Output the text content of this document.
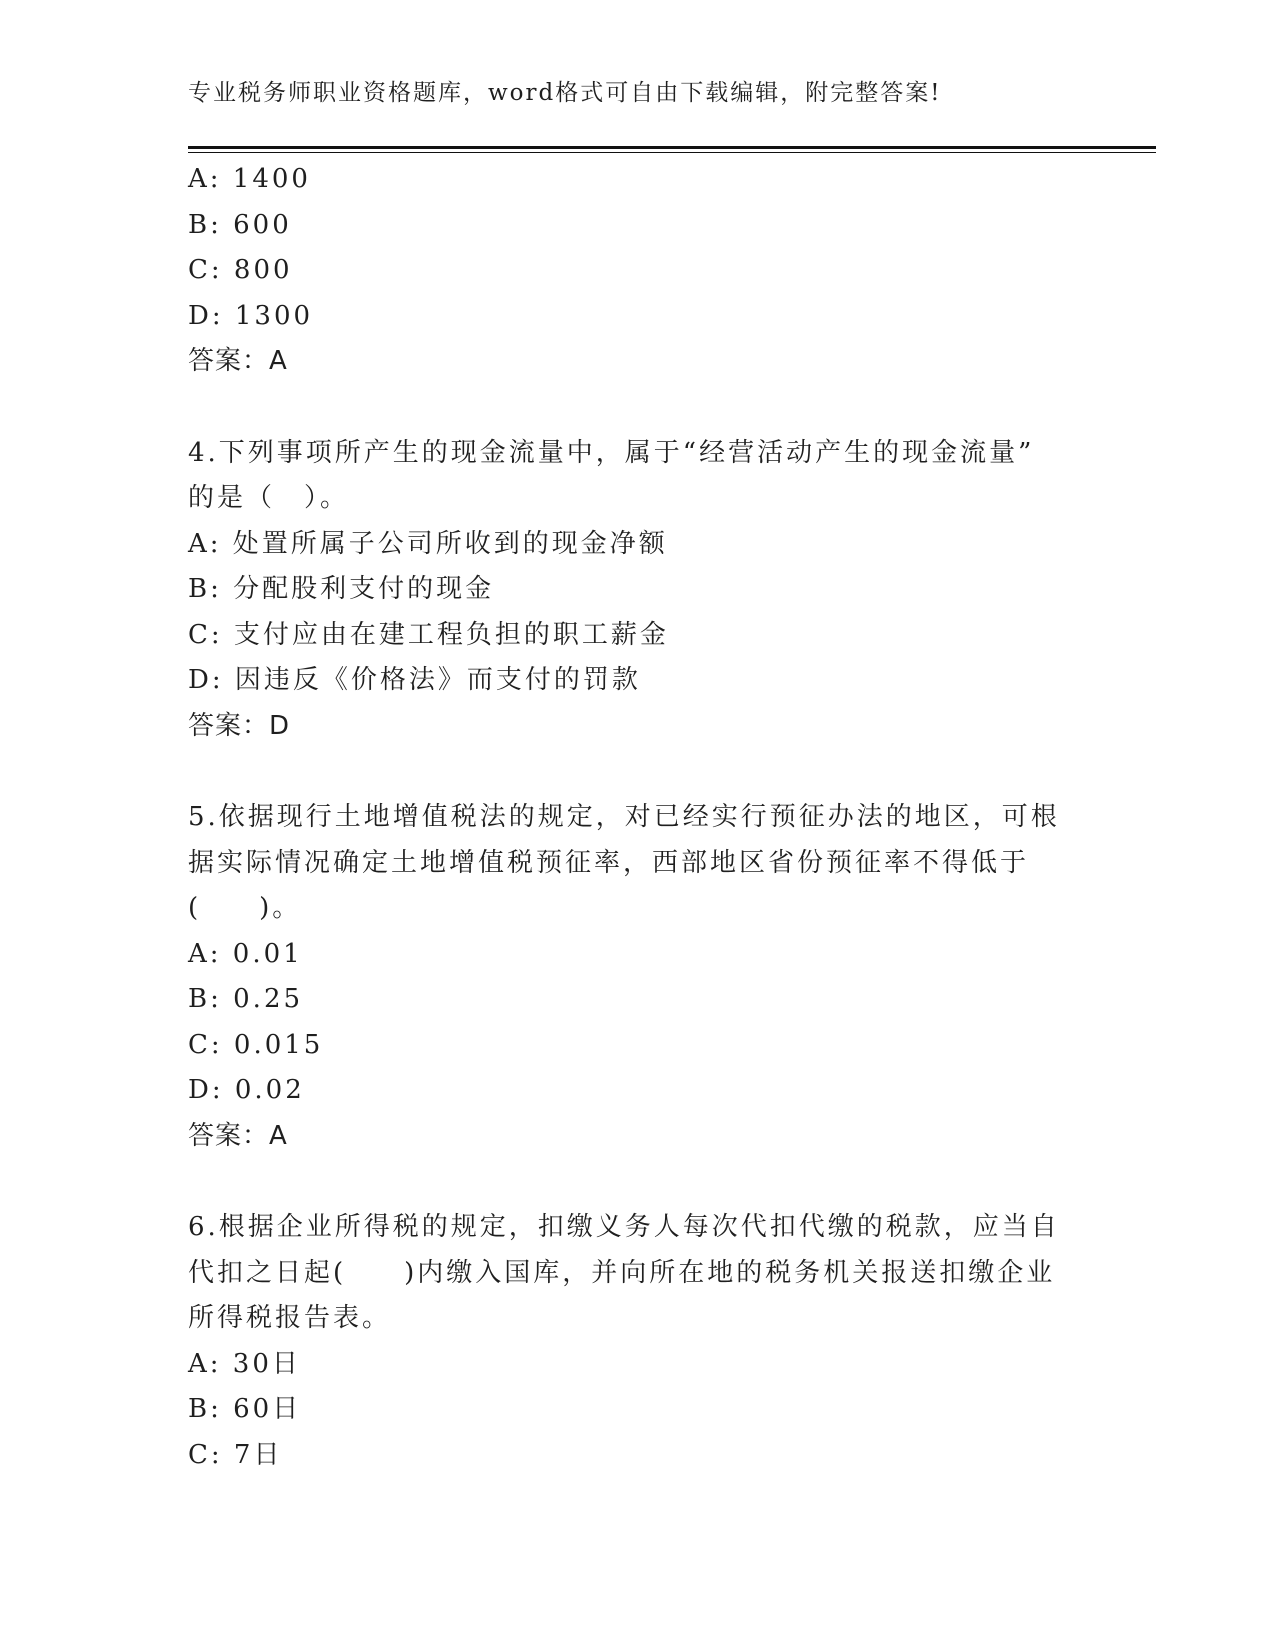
专业税务师职业资格题库，word格式可自由下载编辑，附完整答案!
A: 1400
B: 600
C: 800
D: 1300
答案：A
4.下列事项所产生的现金流量中，属于“经营活动产生的现金流量”
的是（　）。
A: 处置所属子公司所收到的现金净额
B: 分配股利支付的现金
C: 支付应由在建工程负担的职工薪金
D: 因违反《价格法》而支付的罚款
答案：D
5.依据现行土地增值税法的规定，对已经实行预征办法的地区，可根
据实际情况确定土地增值税预征率，西部地区省份预征率不得低于
(　　)。
A: 0.01
B: 0.25
C: 0.015
D: 0.02
答案：A
6.根据企业所得税的规定，扣缴义务人每次代扣代缴的税款，应当自
代扣之日起(　　)内缴入国库，并向所在地的税务机关报送扣缴企业
所得税报告表。
A: 30日
B: 60日
C: 7日
